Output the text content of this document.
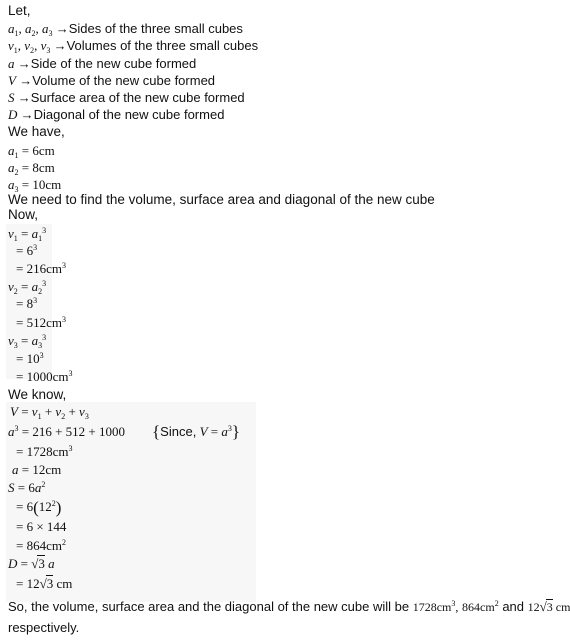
Let,
$a_1$, $a_2$, $a_3$ →Sides of the three small cubes
$v_1$, $v_2$, $v_3$ →Volumes of the three small cubes
a →Side of the new cube formed
V →Volume of the new cube formed
S →Surface area of the new cube formed
D →Diagonal of the new cube formed
We have,
$a_1 = 6cm$
$a_2 = 8cm$
$a_3 = 10cm$
We need to find the volume, surface area and diagonal of the new cube
Now,
$v_1 = a_1^3$
= $6^3$
= $216cm^3$
$v_2 = a_2^3$
= $8^3$
= $512cm^3$
$v_3 = a_3^3$
= $10^3$
= $1000cm^3$
We know,
$V = v_1 + v_2 + v_3$
$a^3 = 216 + 512 + 1000$ {Since, $V = a^3$}
= $1728cm^3$
a = 12cm
$S = 6a^2$
= $6(12^2)$
= 6 × 144
= $864cm^2$
D = √3 a
= 12√3 cm
So, the volume, surface area and the diagonal of the new cube will be $1728cm^3$, $864cm^2$ and 12√3 cm
respectively.
